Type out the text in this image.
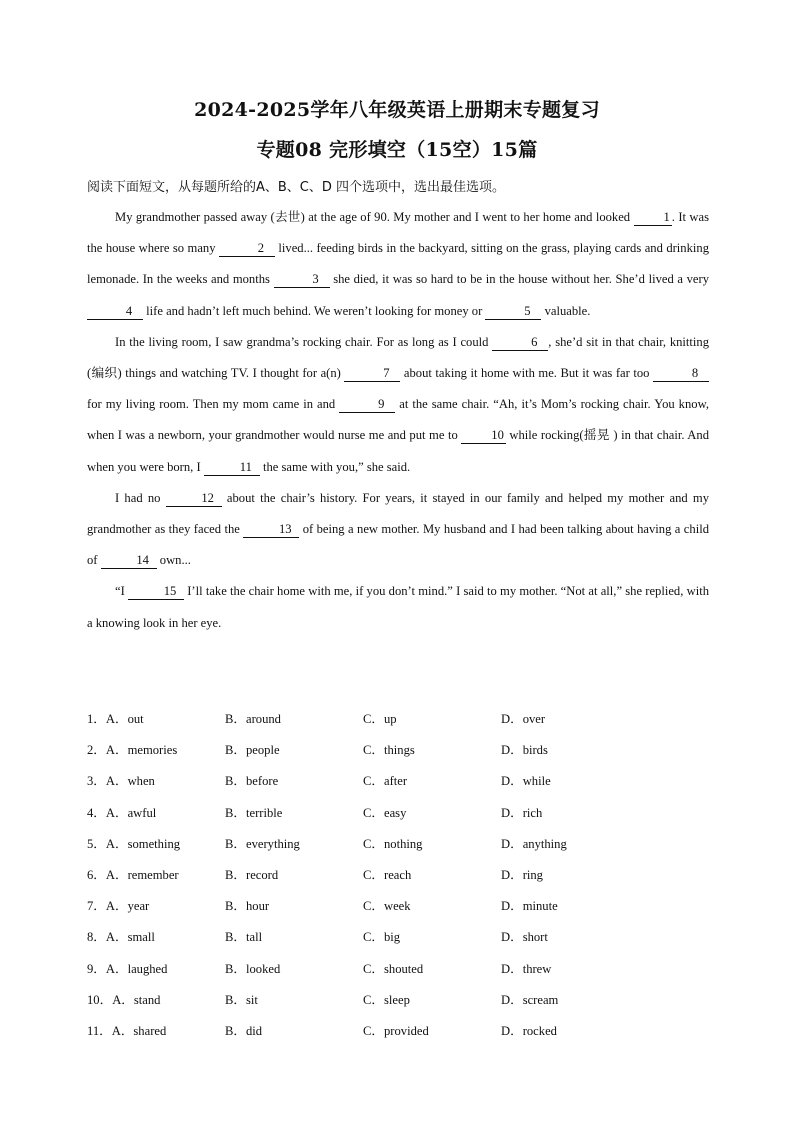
2024-2025学年八年级英语上册期末专题复习
专题08 完形填空（15空）15篇
阅读下面短文，从每题所给的A、B、C、D 四个选项中，选出最佳选项。

My grandmother passed away (去世) at the age of 90. My mother and I went to her home and looked 1 . It was the house where so many	2 lived... feeding birds in the backyard, sitting on the grass, playing cards and drinking lemonade. In the weeks and months	3 she died, it was so hard to be in the house without her. She’d lived a very 4 life and hadn’t left much behind. We weren’t looking for money or	5 valuable.

In the living room, I saw grandma’s rocking chair. For as long as I could	6 , she’d sit in that chair, knitting (编织) things and watching TV. I thought for a(n)	7 about taking it home with me. But it was far too	8 for my living room. Then my mom came in and	9 at the same chair. “Ah, it’s Mom’s rocking chair. You know, when I was a newborn, your grandmother would nurse me and put me to 10 while rocking(摇晃 ) in that chair. And when you were born, I	11 the same with you,” she said.

I had no	12 about the chair’s history. For years, it stayed in our family and helped my mother and my grandmother as they faced the	13 of being a new mother. My husband and I had been talking about having a child of	14 own...

“I	15 I’ll take the chair home with me, if you don’t mind.” I said to my mother. “Not at all,” she replied, with a knowing look in her eye.

1．A．out	B．around	C．up	D．over
2．A．memories	B．people	C．things	D．birds
3．A．when	B．before	C．after	D．while
4．A．awful	B．terrible	C．easy	D．rich
5．A．something	B．everything	C．nothing	D．anything
6．A．remember	B．record	C．reach	D．ring
7．A．year	B．hour	C．week	D．minute
8．A．small	B．tall	C．big	D．short
9．A．laughed	B．looked	C．shouted	D．threw
10．A．stand	B．sit	C．sleep	D．scream
11．A．shared	B．did	C．provided	D．rocked
